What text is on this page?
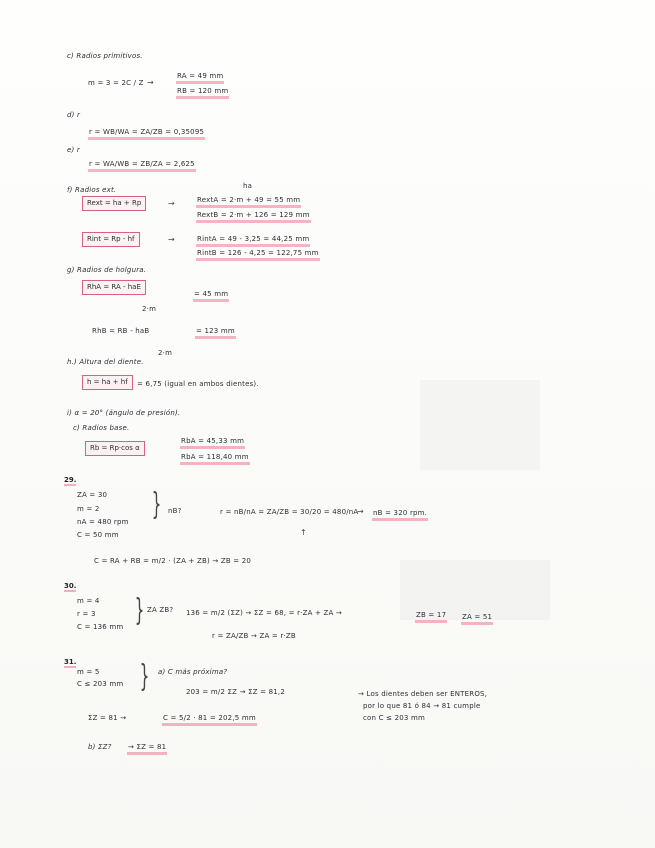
c) Radios primitivos.
m = 3 = 2C / Z →
RA = 49 mm
RB = 120 mm
d) r
r = WB/WA = ZA/ZB = 0,35095
e) r
r = WA/WB = ZB/ZA = 2,625
f) Radios ext.
Rext = ha + Rp	→
ha
RextA = 2·m + 49 = 55 mm
RextB = 2·m + 126 = 129 mm
Rint = Rp - hf	→	RintA = 49 - 3,25 = 44,25 mm
RintB = 126 - 4,25 = 122,75 mm
g) Radios de holgura.
RhA = RA - haE
2·m
= 45 mm
RhB = RB - haB
2·m
= 123 mm
h.) Altura del diente.
h = ha + hf	= 6,75 (igual en ambos dientes).
i) α = 20° (ángulo de presión).
c) Radios base.
Rb = Rp·cos α
RbA = 45,33 mm
RbA = 118,40 mm
29.
ZA = 30
m = 2
nA = 480 rpm
C = 50 mm
} nB?	r = nB/nA = ZA/ZB = 30/20 = 480/nA
→ nB = 320 rpm.
↑
C = RA + RB = m/2 · (ZA + ZB) → ZB = 20
30.
m = 4
r = 3
C = 136 mm } ZA ZB? 136 = m/2 (ΣZ) → ΣZ = 68, = r·ZA + ZA →	ZB = 17 ZA = 51
r = ZA/ZB → ZA = r·ZB
31.
m = 5
C ≤ 203 mm } a) C más próxima?
203 = m/2 ΣZ → ΣZ = 81,2	→ Los dientes deben ser ENTEROS,
por lo que 81 ó 84 → 81 cumple
con C ≤ 203 mm
ΣZ = 81 →	C = 5/2 · 81 = 202,5 mm
b) ΣZ? → ΣZ = 81
